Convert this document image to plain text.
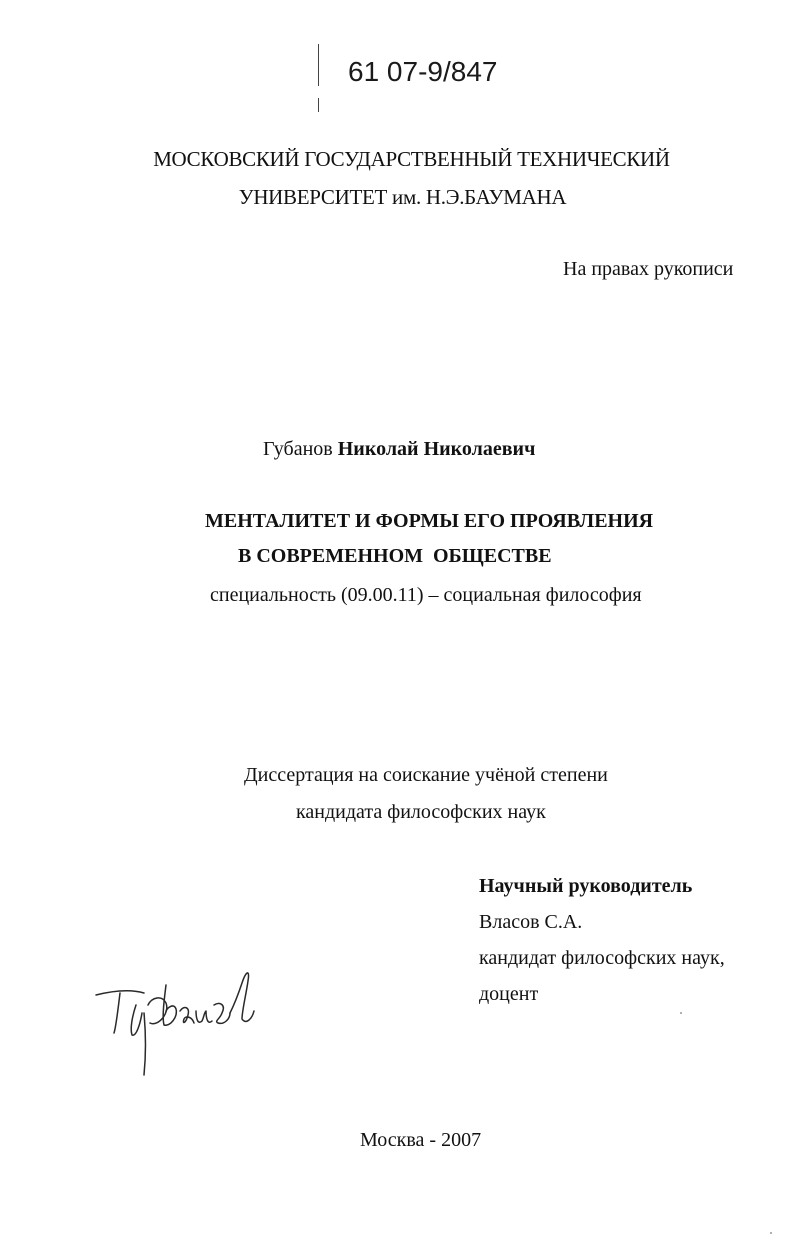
61 07-9/847
МОСКОВСКИЙ ГОСУДАРСТВЕННЫЙ ТЕХНИЧЕСКИЙ
УНИВЕРСИТЕТ им. Н.Э.БАУМАНА
На правах рукописи
Губанов Николай Николаевич
МЕНТАЛИТЕТ И ФОРМЫ ЕГО ПРОЯВЛЕНИЯ
В СОВРЕМЕННОМ  ОБЩЕСТВЕ
специальность (09.00.11) – социальная философия
Диссертация на соискание учёной степени
кандидата философских наук
Научный руководитель
Власов С.А.
кандидат философских наук,
доцент
Москва - 2007
